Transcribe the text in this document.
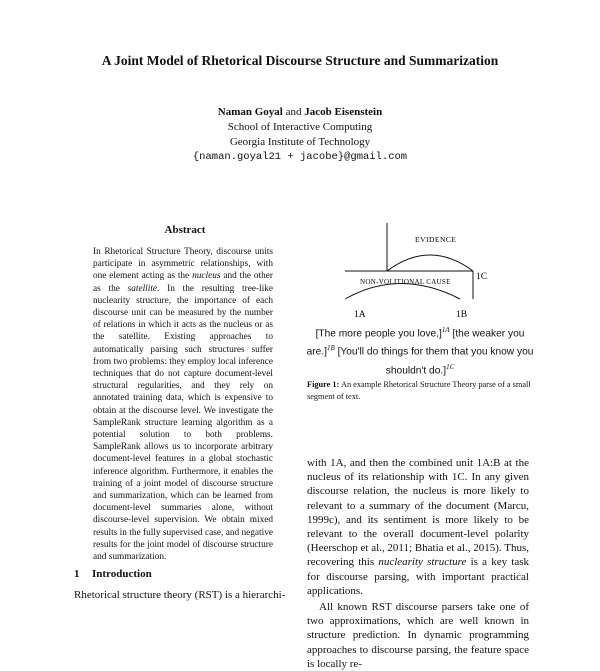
A Joint Model of Rhetorical Discourse Structure and Summarization
Naman Goyal and Jacob Eisenstein
School of Interactive Computing
Georgia Institute of Technology
{naman.goyal21 + jacobe}@gmail.com
Abstract
In Rhetorical Structure Theory, discourse units participate in asymmetric relationships, with one element acting as the nucleus and the other as the satellite. In the resulting tree-like nuclearity structure, the importance of each discourse unit can be measured by the number of relations in which it acts as the nucleus or as the satellite. Existing approaches to automatically parsing such structures suffer from two problems: they employ local inference techniques that do not capture document-level structural regularities, and they rely on annotated training data, which is expensive to obtain at the discourse level. We investigate the SampleRank structure learning algorithm as a potential solution to both problems. SampleRank allows us to incorporate arbitrary document-level features in a global stochastic inference algorithm. Furthermore, it enables the training of a joint model of discourse structure and summarization, which can be learned from document-level summaries alone, without discourse-level supervision. We obtain mixed results in the fully supervised case, and negative results for the joint model of discourse structure and summarization.
1 Introduction
Rhetorical structure theory (RST) is a hierarchi-
EVIDENCE
NON-VOLITIONAL CAUSE	1C
1A	1B
[The more people you love,]$^{1A}$ [the weaker you are.]$^{1B}$ [You'll do things for them that you know you shouldn't do.]$^{1C}$
Figure 1: An example Rhetorical Structure Theory parse of a small segment of text.

with 1A, and then the combined unit 1A:B at the nucleus of its relationship with 1C. In any given discourse relation, the nucleus is more likely to relevant to a summary of the document (Marcu, 1999c), and its sentiment is more likely to be relevant to the overall document-level polarity (Heerschop et al., 2011; Bhatia et al., 2015). Thus, recovering this nuclearity structure is a key task for discourse parsing, with important practical applications.

All known RST discourse parsers take one of two approximations, which are well known in structure prediction. In dynamic programming approaches to discourse parsing, the feature space is locally re-
